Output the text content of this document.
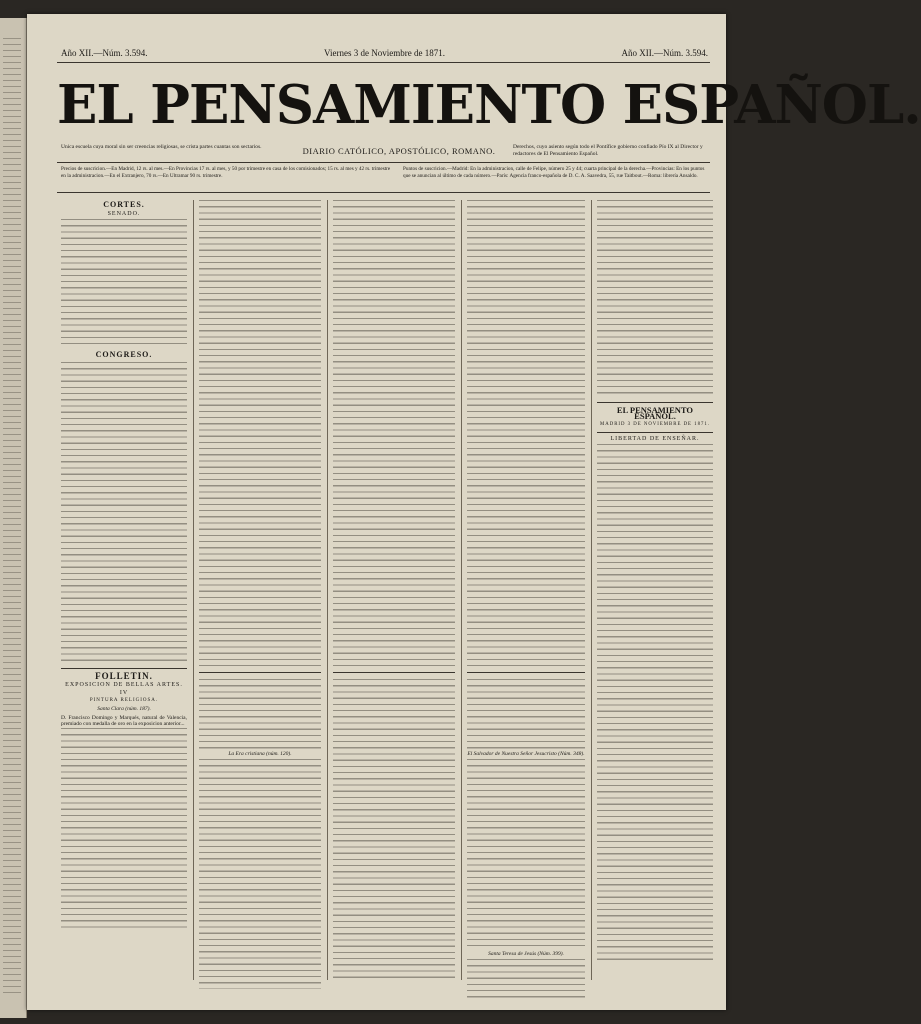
Año XII.—Núm. 3.594.	Viernes 3 de Noviembre de 1871.	Año XII.—Núm. 3.594.
EL PENSAMIENTO ESPAÑOL.
Unica escuela cuya moral sin ser creencias religiosas, se crista partes cuantas son sectarios.	DIARIO CATÓLICO, APOSTÓLICO, ROMANO.	Derechos, cuyo asiento según todo el Pontífice gobierno confiado Pío IX al Director y redactores de El Pensamiento Español.
Precios de suscricion.—En Madrid, 12 rs. al mes.—En Provincias 17 rs. al mes, y 50 por trimestre en casa de los comisionados; 15 rs. al mes y 42 rs. trimestre en la administracion.—En el Extranjero, 70 rs.—En Ultramar 90 rs. trimestre.
Puntos de suscricion.—Madrid: En la administracion, calle de Felipe, número 25 y 44; cuarta principal de la derecha.—Provincias: En los puntos que se anuncian al último de cada número.—París: Agencia franco-española de D. C. A. Saavedra, 55, rue Taitbout.—Roma: librería Ansaldo.
CORTES.
SENADO.
CONGRESO.
FOLLETIN.
EXPOSICION DE BELLAS ARTES.
IV
PINTURA RELIGIOSA.
Santa Clara (núm. 187).
D. Francisco Domingo y Marqués, natural de Valencia, premiado con medalla de oro en la exposicion anterior...
La Era cristiana (núm. 120).	El Salvador de Nuestra Señor Jesucristo (Núm. 348).
Santa Teresa de Jesús (Núm. 399).
EL PENSAMIENTO ESPAÑOL.
MADRID 3 DE NOVIEMBRE DE 1871.
LIBERTAD DE ENSEÑAR.
